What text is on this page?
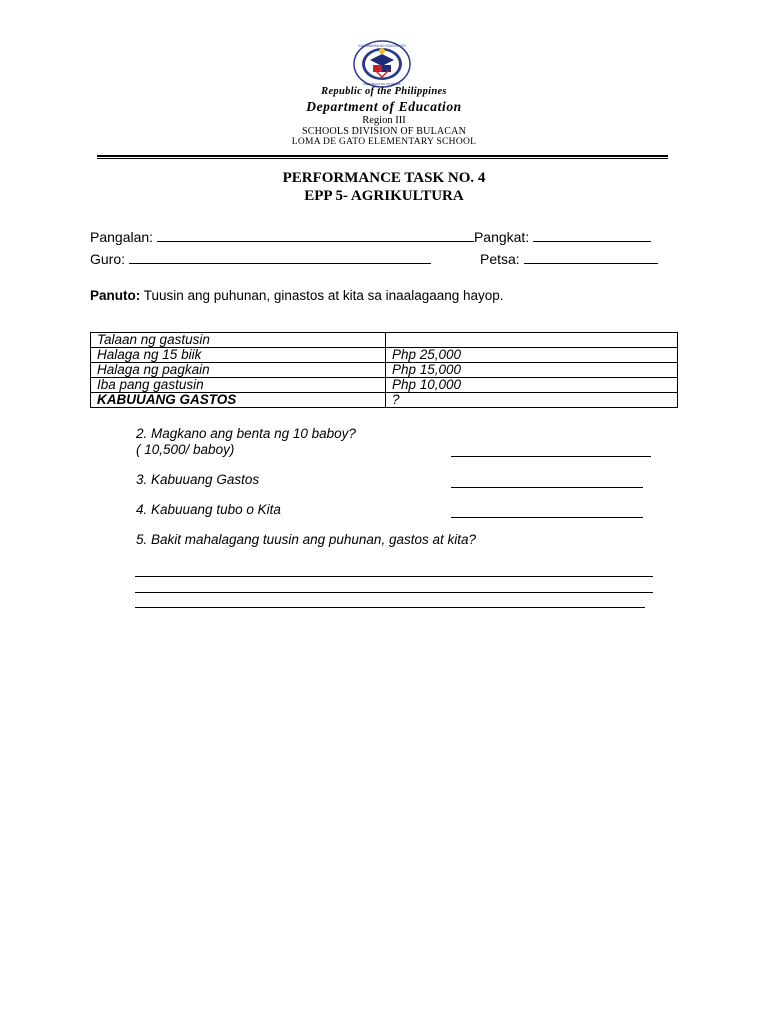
KAGAWARAN NG EDUKASYON
REPUBLIKA NG PILIPINAS
Republic of the Philippines
Department of Education
Region III
SCHOOLS DIVISION OF BULACAN
LOMA DE GATO ELEMENTARY SCHOOL
PERFORMANCE TASK NO. 4
EPP 5- AGRIKULTURA
Pangalan:	Pangkat:
Guro:	Petsa:
Panuto: Tuusin ang puhunan, ginastos at kita sa inaalagaang hayop.
Talaan ng gastusin	
Halaga ng 15 biik	Php 25,000
Halaga ng pagkain	Php 15,000
Iba pang gastusin	Php 10,000
KABUUANG GASTOS	?
2. Magkano ang benta ng 10 baboy?
( 10,500/ baboy)
3. Kabuuang Gastos
4. Kabuuang tubo o Kita
5. Bakit mahalagang tuusin ang puhunan, gastos at kita?
